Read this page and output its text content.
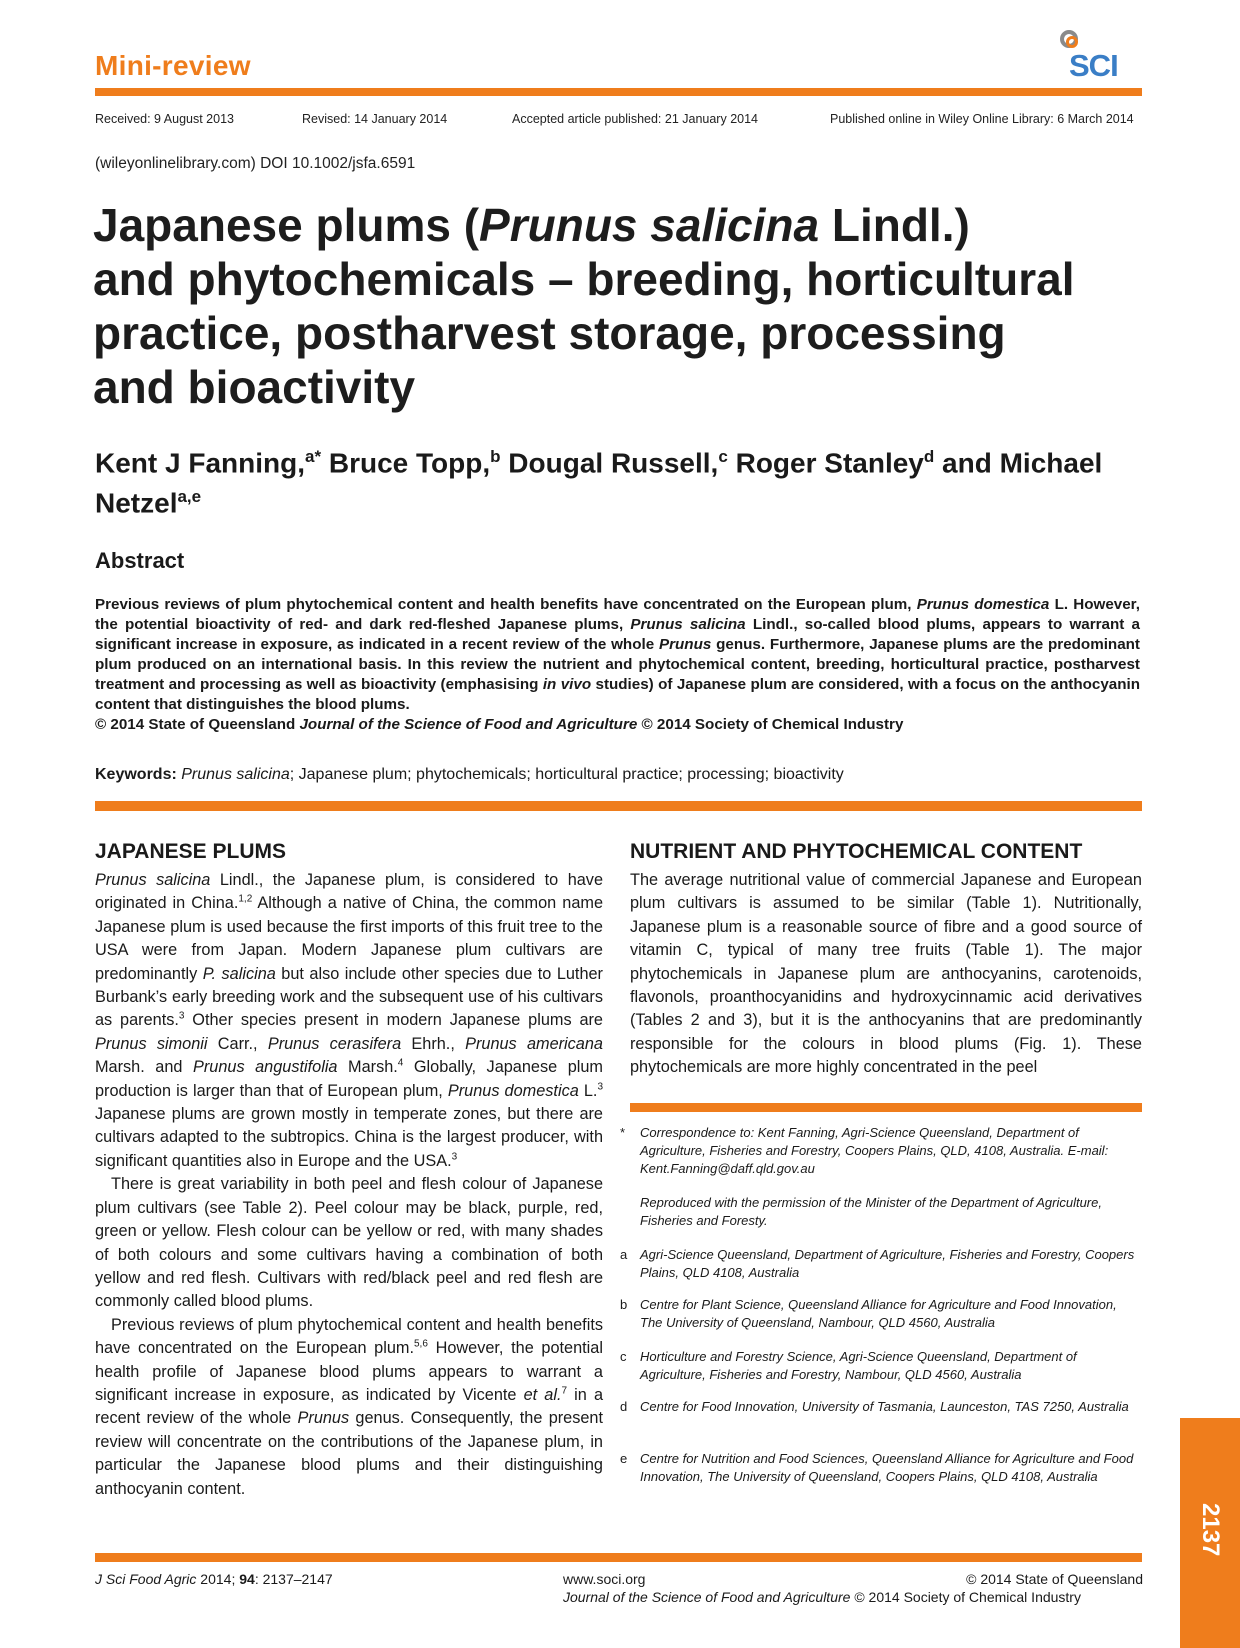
Mini-review	SCI
Received: 9 August 2013	Revised: 14 January 2014	Accepted article published: 21 January 2014	Published online in Wiley Online Library: 6 March 2014
(wileyonlinelibrary.com) DOI 10.1002/jsfa.6591
Japanese plums (Prunus salicina Lindl.)
and phytochemicals – breeding, horticultural
practice, postharvest storage, processing
and bioactivity
Kent J Fanning,$^{a*}$ Bruce Topp,$^b$ Dougal Russell,$^c$ Roger Stanley$^d$ and Michael Netzel$^{a,e}$
Abstract
Previous reviews of plum phytochemical content and health benefits have concentrated on the European plum, Prunus domestica L. However, the potential bioactivity of red- and dark red-fleshed Japanese plums, Prunus salicina Lindl., so-called blood plums, appears to warrant a significant increase in exposure, as indicated in a recent review of the whole Prunus genus. Furthermore, Japanese plums are the predominant plum produced on an international basis. In this review the nutrient and phytochemical content, breeding, horticultural practice, postharvest treatment and processing as well as bioactivity (emphasising in vivo studies) of Japanese plum are considered, with a focus on the anthocyanin content that distinguishes the blood plums.
© 2014 State of Queensland Journal of the Science of Food and Agriculture © 2014 Society of Chemical Industry
Keywords: Prunus salicina; Japanese plum; phytochemicals; horticultural practice; processing; bioactivity
JAPANESE PLUMS

Prunus salicina Lindl., the Japanese plum, is considered to have originated in China.$^{1,2}$ Although a native of China, the common name Japanese plum is used because the first imports of this fruit tree to the USA were from Japan. Modern Japanese plum cultivars are predominantly P. salicina but also include other species due to Luther Burbank’s early breeding work and the subsequent use of his cultivars as parents.$^3$ Other species present in modern Japanese plums are Prunus simonii Carr., Prunus cerasifera Ehrh., Prunus americana Marsh. and Prunus angustifolia Marsh.$^4$ Globally, Japanese plum production is larger than that of European plum, Prunus domestica L.$^3$ Japanese plums are grown mostly in temperate zones, but there are cultivars adapted to the subtropics. China is the largest producer, with significant quantities also in Europe and the USA.$^3$

There is great variability in both peel and flesh colour of Japanese plum cultivars (see Table 2). Peel colour may be black, purple, red, green or yellow. Flesh colour can be yellow or red, with many shades of both colours and some cultivars having a combination of both yellow and red flesh. Cultivars with red/black peel and red flesh are commonly called blood plums.

Previous reviews of plum phytochemical content and health benefits have concentrated on the European plum.$^{5,6}$ However, the potential health profile of Japanese blood plums appears to warrant a significant increase in exposure, as indicated by Vicente et al.$^7$ in a recent review of the whole Prunus genus. Consequently, the present review will concentrate on the contributions of the Japanese plum, in particular the Japanese blood plums and their distinguishing anthocyanin content.

NUTRIENT AND PHYTOCHEMICAL CONTENT

The average nutritional value of commercial Japanese and European plum cultivars is assumed to be similar (Table 1). Nutritionally, Japanese plum is a reasonable source of fibre and a good source of vitamin C, typical of many tree fruits (Table 1). The major phytochemicals in Japanese plum are anthocyanins, carotenoids, flavonols, proanthocyanidins and hydroxycinnamic acid derivatives (Tables 2 and 3), but it is the anthocyanins that are predominantly responsible for the colours in blood plums (Fig. 1). These phytochemicals are more highly concentrated in the peel

* Correspondence to: Kent Fanning, Agri-Science Queensland, Department of Agriculture, Fisheries and Forestry, Coopers Plains, QLD, 4108, Australia. E-mail: Kent.Fanning@daff.qld.gov.au
Reproduced with the permission of the Minister of the Department of Agriculture, Fisheries and Foresty.
a Agri-Science Queensland, Department of Agriculture, Fisheries and Forestry, Coopers Plains, QLD 4108, Australia
b Centre for Plant Science, Queensland Alliance for Agriculture and Food Innovation, The University of Queensland, Nambour, QLD 4560, Australia
c Horticulture and Forestry Science, Agri-Science Queensland, Department of Agriculture, Fisheries and Forestry, Nambour, QLD 4560, Australia
d Centre for Food Innovation, University of Tasmania, Launceston, TAS 7250, Australia
e Centre for Nutrition and Food Sciences, Queensland Alliance for Agriculture and Food Innovation, The University of Queensland, Coopers Plains, QLD 4108, Australia
2137
J Sci Food Agric 2014; 94: 2137–2147	www.soci.org	© 2014 State of Queensland

Journal of the Science of Food and Agriculture © 2014 Society of Chemical Industry
